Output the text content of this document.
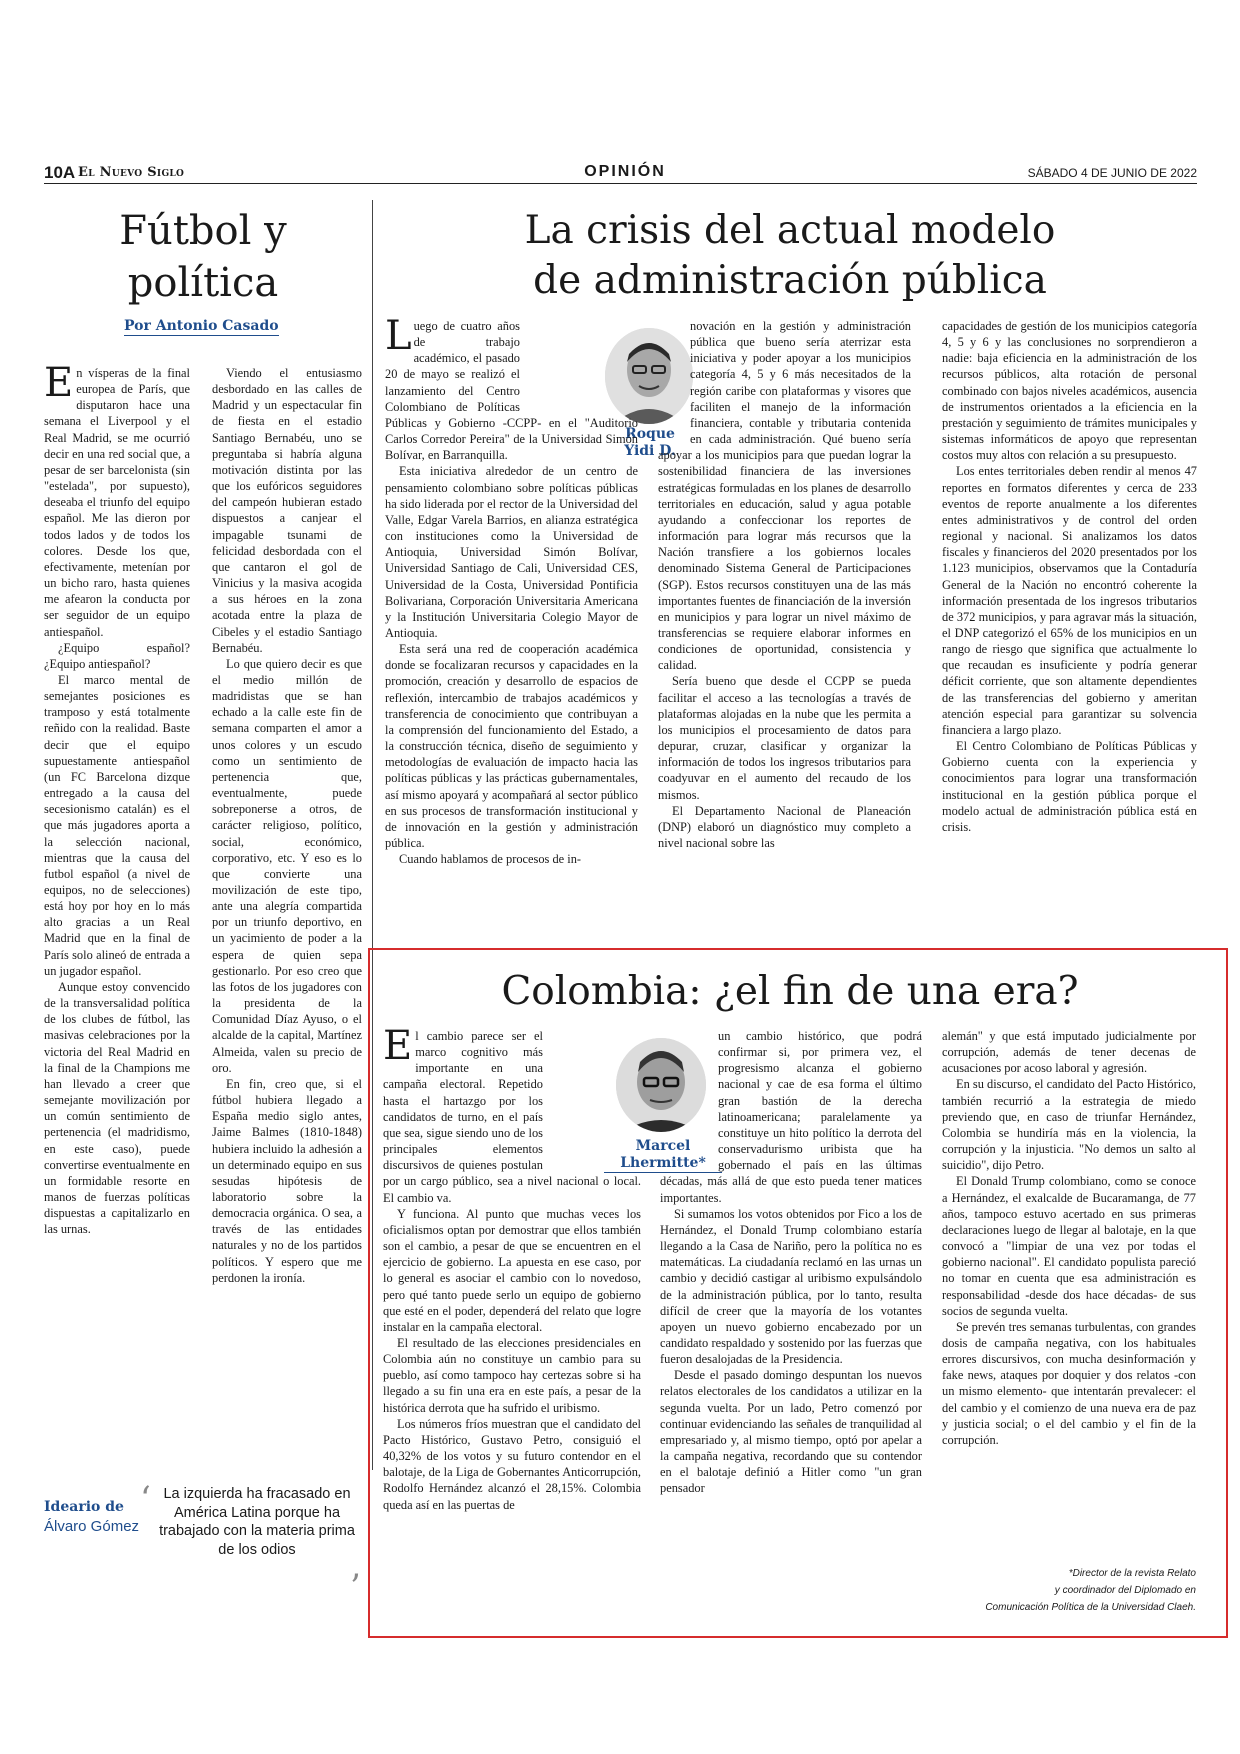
10A El Nuevo Siglo	OPINIÓN	SÁBADO 4 DE JUNIO DE 2022
Fútbol y
política
Por Antonio Casado

En vísperas de la final europea de París, que disputaron hace una semana el Liverpool y el Real Madrid, se me ocurrió decir en una red social que, a pesar de ser barcelonista (sin "estelada", por supuesto), deseaba el triunfo del equipo español. Me las dieron por todos lados y de todos los colores. Desde los que, efectivamente, metenían por un bicho raro, hasta quienes me afearon la conducta por ser seguidor de un equipo antiespañol.

¿Equipo español? ¿Equipo antiespañol?

El marco mental de semejantes posiciones es tramposo y está totalmente reñido con la realidad. Baste decir que el equipo supuestamente antiespañol (un FC Barcelona dizque entregado a la causa del secesionismo catalán) es el que más jugadores aporta a la selección nacional, mientras que la causa del futbol español (a nivel de equipos, no de selecciones) está hoy por hoy en lo más alto gracias a un Real Madrid que en la final de París solo alineó de entrada a un jugador español.

Aunque estoy convencido de la transversalidad política de los clubes de fútbol, las masivas celebraciones por la victoria del Real Madrid en la final de la Champions me han llevado a creer que semejante movilización por un común sentimiento de pertenencia (el madridismo, en este caso), puede convertirse eventualmente en un formidable resorte en manos de fuerzas políticas dispuestas a capitalizarlo en las urnas.

Viendo el entusiasmo desbordado en las calles de Madrid y un espectacular fin de fiesta en el estadio Santiago Bernabéu, uno se preguntaba si habría alguna motivación distinta por las que los eufóricos seguidores del campeón hubieran estado dispuestos a canjear el impagable tsunami de felicidad desbordada con el que cantaron el gol de Vinicius y la masiva acogida a sus héroes en la zona acotada entre la plaza de Cibeles y el estadio Santiago Bernabéu.

Lo que quiero decir es que el medio millón de madridistas que se han echado a la calle este fin de semana comparten el amor a unos colores y un escudo como un sentimiento de pertenencia que, eventualmente, puede sobreponerse a otros, de carácter religioso, político, social, económico, corporativo, etc. Y eso es lo que convierte una movilización de este tipo, ante una alegría compartida por un triunfo deportivo, en un yacimiento de poder a la espera de quien sepa gestionarlo. Por eso creo que las fotos de los jugadores con la presidenta de la Comunidad Díaz Ayuso, o el alcalde de la capital, Martínez Almeida, valen su precio de oro.

En fin, creo que, si el fútbol hubiera llegado a España medio siglo antes, Jaime Balmes (1810-1848) hubiera incluido la adhesión a un determinado equipo en sus sesudas hipótesis de laboratorio sobre la democracia orgánica. O sea, a través de las entidades naturales y no de los partidos políticos. Y espero que me perdonen la ironía.

Ideario de
Álvaro Gómez
‘ La izquierda ha fracasado en América Latina porque ha trabajado con la materia prima de los odios
’
La crisis del actual modelo
de administración pública
Roque
Yidi D.

Luego de cuatro años de trabajo académico, el pasado 20 de mayo se realizó el lanzamiento del Centro Colombiano de Políticas Públicas y Gobierno -CCPP- en el "Auditorio Carlos Corredor Pereira" de la Universidad Simón Bolívar, en Barranquilla.

Esta iniciativa alrededor de un centro de pensamiento colombiano sobre políticas públicas ha sido liderada por el rector de la Universidad del Valle, Edgar Varela Barrios, en alianza estratégica con instituciones como la Universidad de Antioquia, Universidad Simón Bolívar, Universidad Santiago de Cali, Universidad CES, Universidad de la Costa, Universidad Pontificia Bolivariana, Corporación Universitaria Americana y la Institución Universitaria Colegio Mayor de Antioquia.

Esta será una red de cooperación académica donde se focalizaran recursos y capacidades en la promoción, creación y desarrollo de espacios de reflexión, intercambio de trabajos académicos y transferencia de conocimiento que contribuyan a la comprensión del funcionamiento del Estado, a la construcción técnica, diseño de seguimiento y metodologías de evaluación de impacto hacia las políticas públicas y las prácticas gubernamentales, así mismo apoyará y acompañará al sector público en sus procesos de transformación institucional y de innovación en la gestión y administración pública.

Cuando hablamos de procesos de in-

novación en la gestión y administración pública que bueno sería aterrizar esta iniciativa y poder apoyar a los municipios categoría 4, 5 y 6 más necesitados de la región caribe con plataformas y visores que faciliten el manejo de la información financiera, contable y tributaria contenida en cada administración. Qué bueno sería apoyar a los municipios para que puedan lograr la sostenibilidad financiera de las inversiones estratégicas formuladas en los planes de desarrollo territoriales en educación, salud y agua potable ayudando a confeccionar los reportes de información para lograr más recursos que la Nación transfiere a los gobiernos locales denominado Sistema General de Participaciones (SGP). Estos recursos constituyen una de las más importantes fuentes de financiación de la inversión en municipios y para lograr un nivel máximo de transferencias se requiere elaborar informes en condiciones de oportunidad, consistencia y calidad.

Sería bueno que desde el CCPP se pueda facilitar el acceso a las tecnologías a través de plataformas alojadas en la nube que les permita a los municipios el procesamiento de datos para depurar, cruzar, clasificar y organizar la información de todos los ingresos tributarios para coadyuvar en el aumento del recaudo de los mismos.

El Departamento Nacional de Planeación (DNP) elaboró un diagnóstico muy completo a nivel nacional sobre las

capacidades de gestión de los municipios categoría 4, 5 y 6 y las conclusiones no sorprendieron a nadie: baja eficiencia en la administración de los recursos públicos, alta rotación de personal combinado con bajos niveles académicos, ausencia de instrumentos orientados a la eficiencia en la prestación y seguimiento de trámites municipales y sistemas informáticos de apoyo que representan costos muy altos con relación a su presupuesto.

Los entes territoriales deben rendir al menos 47 reportes en formatos diferentes y cerca de 233 eventos de reporte anualmente a los diferentes entes administrativos y de control del orden regional y nacional. Si analizamos los datos fiscales y financieros del 2020 presentados por los 1.123 municipios, observamos que la Contaduría General de la Nación no encontró coherente la información presentada de los ingresos tributarios de 372 municipios, y para agravar más la situación, el DNP categorizó el 65% de los municipios en un rango de riesgo que significa que actualmente lo que recaudan es insuficiente y podría generar déficit corriente, que son altamente dependientes de las transferencias del gobierno y ameritan atención especial para garantizar su solvencia financiera a largo plazo.

El Centro Colombiano de Políticas Públicas y Gobierno cuenta con la experiencia y conocimientos para lograr una transformación institucional en la gestión pública porque el modelo actual de administración pública está en crisis.

Colombia: ¿el fin de una era?
Marcel
Lhermitte*

El cambio parece ser el marco cognitivo más importante en una campaña electoral. Repetido hasta el hartazgo por los candidatos de turno, en el país que sea, sigue siendo uno de los principales elementos discursivos de quienes postulan por un cargo público, sea a nivel nacional o local. El cambio va.

Y funciona. Al punto que muchas veces los oficialismos optan por demostrar que ellos también son el cambio, a pesar de que se encuentren en el ejercicio de gobierno. La apuesta en ese caso, por lo general es asociar el cambio con lo novedoso, pero qué tanto puede serlo un equipo de gobierno que esté en el poder, dependerá del relato que logre instalar en la campaña electoral.

El resultado de las elecciones presidenciales en Colombia aún no constituye un cambio para su pueblo, así como tampoco hay certezas sobre si ha llegado a su fin una era en este país, a pesar de la histórica derrota que ha sufrido el uribismo.

Los números fríos muestran que el candidato del Pacto Histórico, Gustavo Petro, consiguió el 40,32% de los votos y su futuro contendor en el balotaje, de la Liga de Gobernantes Anticorrupción, Rodolfo Hernández alcanzó el 28,15%. Colombia queda así en las puertas de

un cambio histórico, que podrá confirmar si, por primera vez, el progresismo alcanza el gobierno nacional y cae de esa forma el último gran bastión de la derecha latinoamericana; paralelamente ya constituye un hito político la derrota del conservadurismo uribista que ha gobernado el país en las últimas décadas, más allá de que esto pueda tener matices importantes.

Si sumamos los votos obtenidos por Fico a los de Hernández, el Donald Trump colombiano estaría llegando a la Casa de Nariño, pero la política no es matemáticas. La ciudadanía reclamó en las urnas un cambio y decidió castigar al uribismo expulsándolo de la administración pública, por lo tanto, resulta difícil de creer que la mayoría de los votantes apoyen un nuevo gobierno encabezado por un candidato respaldado y sostenido por las fuerzas que fueron desalojadas de la Presidencia.

Desde el pasado domingo despuntan los nuevos relatos electorales de los candidatos a utilizar en la segunda vuelta. Por un lado, Petro comenzó por continuar evidenciando las señales de tranquilidad al empresariado y, al mismo tiempo, optó por apelar a la campaña negativa, recordando que su contendor en el balotaje definió a Hitler como "un gran pensador

alemán" y que está imputado judicialmente por corrupción, además de tener decenas de acusaciones por acoso laboral y agresión.

En su discurso, el candidato del Pacto Histórico, también recurrió a la estrategia de miedo previendo que, en caso de triunfar Hernández, Colombia se hundiría más en la violencia, la corrupción y la injusticia. "No demos un salto al suicidio", dijo Petro.

El Donald Trump colombiano, como se conoce a Hernández, el exalcalde de Bucaramanga, de 77 años, tampoco estuvo acertado en sus primeras declaraciones luego de llegar al balotaje, en la que convocó a "limpiar de una vez por todas el gobierno nacional". El candidato populista pareció no tomar en cuenta que esa administración es responsabilidad -desde dos hace décadas- de sus socios de segunda vuelta.

Se prevén tres semanas turbulentas, con grandes dosis de campaña negativa, con los habituales errores discursivos, con mucha desinformación y fake news, ataques por doquier y dos relatos -con un mismo elemento- que intentarán prevalecer: el del cambio y el comienzo de una nueva era de paz y justicia social; o el del cambio y el fin de la corrupción.

*Director de la revista Relato
y coordinador del Diplomado en
Comunicación Política de la Universidad Claeh.
